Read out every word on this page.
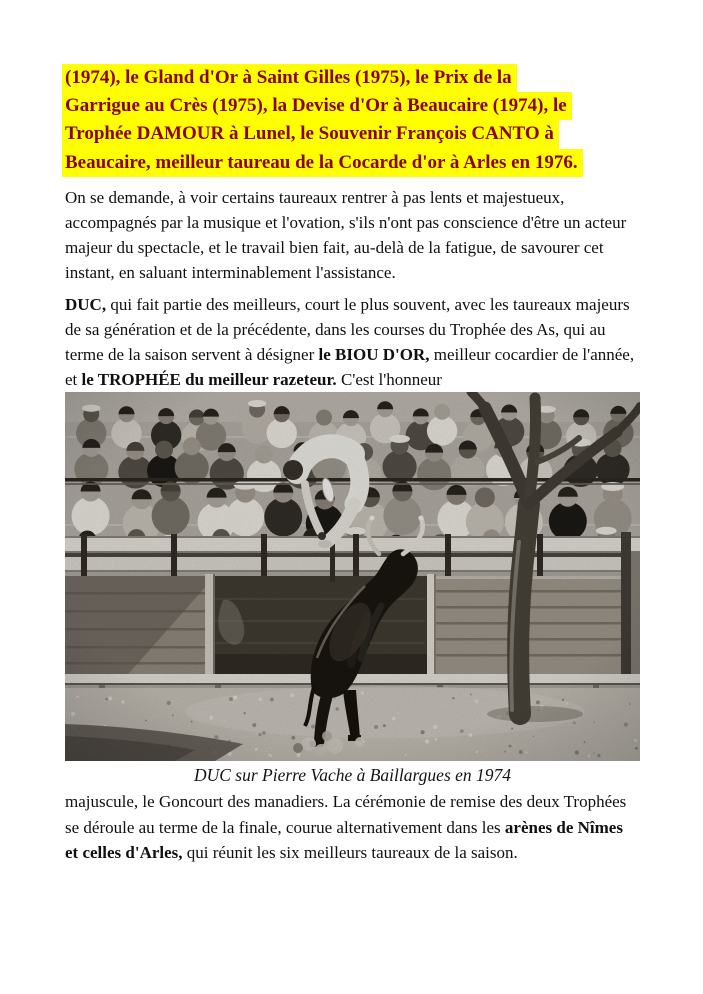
(1974), le Gland d'Or à Saint Gilles (1975), le Prix de la
Garrigue au Crès (1975), la Devise d'Or à Beaucaire (1974), le
Trophée DAMOUR à Lunel, le Souvenir François CANTO à
Beaucaire, meilleur taureau de la Cocarde d'or à Arles en 1976.

On se demande, à voir certains taureaux rentrer à pas lents et majestueux, accompagnés par la musique et l'ovation, s'ils n'ont pas conscience d'être un acteur majeur du spectacle, et le travail bien fait, au-delà de la fatigue, de savourer cet instant, en saluant interminablement l'assistance.

DUC, qui fait partie des meilleurs, court le plus souvent, avec les taureaux majeurs de sa génération et de la précédente, dans les courses du Trophée des As, qui au terme de la saison servent à désigner le BIOU D'OR, meilleur cocardier de l'année, et le TROPHÉE du meilleur razeteur. C'est l'honneur

DUC sur Pierre Vache à Baillargues en 1974

majuscule, le Goncourt des manadiers. La cérémonie de remise des deux Trophées se déroule au terme de la finale, courue alternativement dans les arènes de Nîmes et celles d'Arles, qui réunit les six meilleurs taureaux de la saison.
